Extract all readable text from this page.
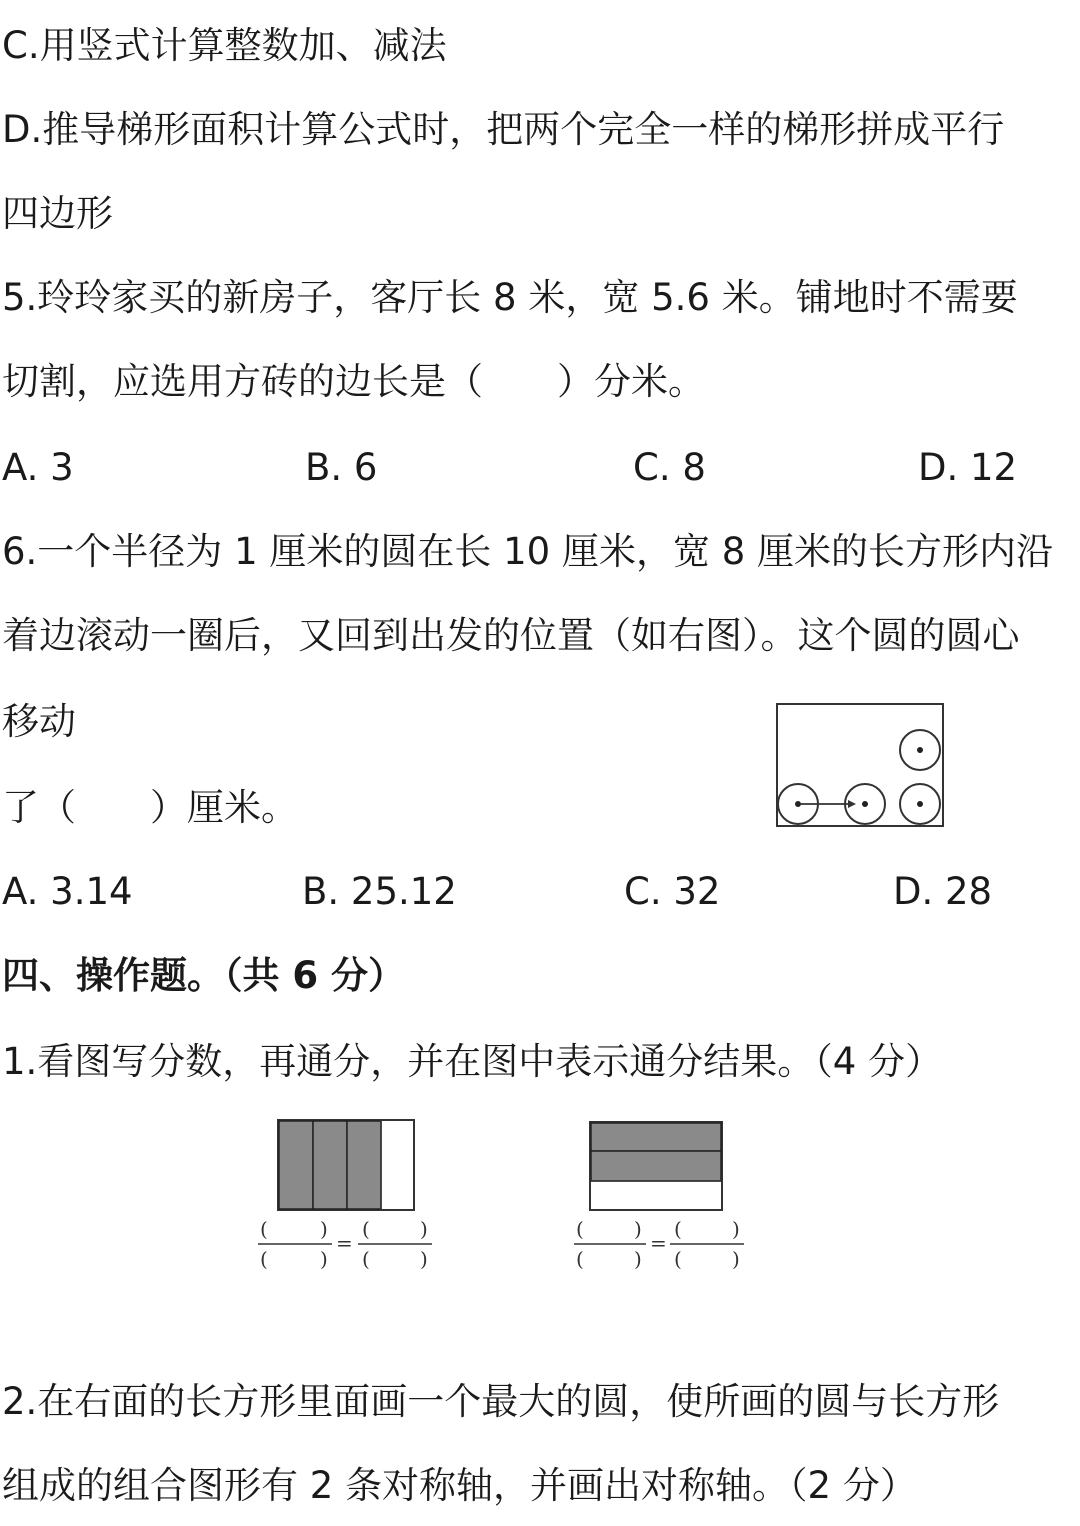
C.用竖式计算整数加、减法
D.推导梯形面积计算公式时，把两个完全一样的梯形拼成平行
四边形
5.玲玲家买的新房子，客厅长 8 米，宽 5.6 米。铺地时不需要
切割，应选用方砖的边长是（　　）分米。
A. 3	B. 6	C. 8	D. 12
6.一个半径为 1 厘米的圆在长 10 厘米，宽 8 厘米的长方形内沿
着边滚动一圈后，又回到出发的位置（如右图）。这个圆的圆心
移动
了（　　）厘米。
A. 3.14	B. 25.12	C. 32	D. 28
四、操作题。（共 6 分）
1.看图写分数，再通分，并在图中表示通分结果。（4 分）
(	)
(	)
=
(	)
(	)
(	)
(	)
=
(	)
(	)
2.在右面的长方形里面画一个最大的圆，使所画的圆与长方形
组成的组合图形有 2 条对称轴，并画出对称轴。（2 分）
